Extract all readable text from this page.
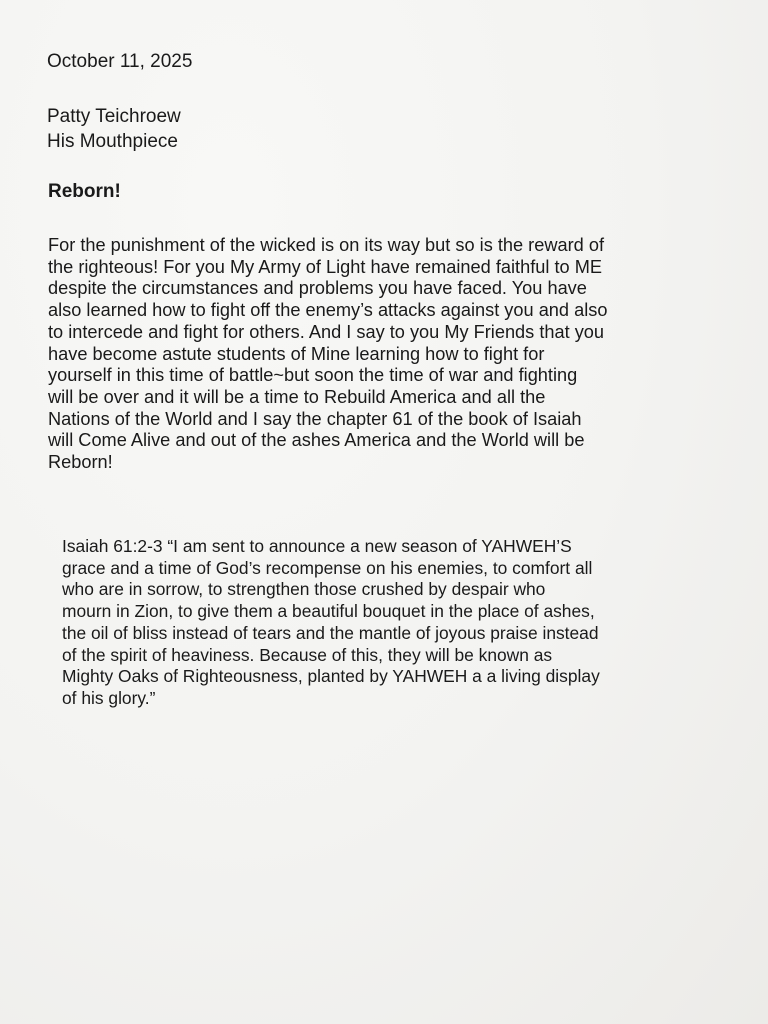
October 11, 2025

Patty Teichroew
His Mouthpiece

Reborn!

For the punishment of the wicked is on its way but so is the reward of
the righteous! For you My Army of Light have remained faithful to ME
despite the circumstances and problems you have faced. You have
also learned how to fight off the enemy’s attacks against you and also
to intercede and fight for others. And I say to you My Friends that you
have become astute students of Mine learning how to fight for
yourself in this time of battle~but soon the time of war and fighting
will be over and it will be a time to Rebuild America and all the
Nations of the World and I say the chapter 61 of the book of Isaiah
will Come Alive and out of the ashes America and the World will be
Reborn!

Isaiah 61:2-3 “I am sent to announce a new season of YAHWEH’S
grace and a time of God’s recompense on his enemies, to comfort all
who are in sorrow, to strengthen those crushed by despair who
mourn in Zion, to give them a beautiful bouquet in the place of ashes,
the oil of bliss instead of tears and the mantle of joyous praise instead
of the spirit of heaviness. Because of this, they will be known as
Mighty Oaks of Righteousness, planted by YAHWEH a a living display
of his glory.”
